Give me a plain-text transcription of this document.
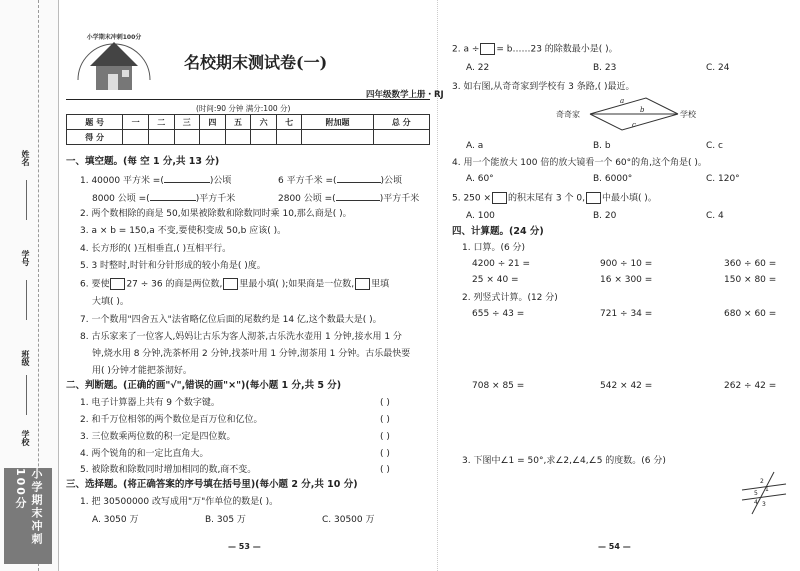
姓名
学号
班级
学校
小学期末冲刺100分
小学期末冲刺100分
名校期末测试卷(一)
四年级数学上册・RJ
(时间:90 分钟 满分:100 分)
题 号	一	二	三	四	五	六	七	附加题	总 分
得 分									
一、填空题。(每 空 1 分,共 13 分)
1. 40000 平方米 =(	)公顷	6 平方千米 =(	)公顷
8000 公顷 =(	)平方千米	2800 公顷 =(	)平方千米
2. 两个数相除的商是 50,如果被除数和除数同时乘 10,那么商是( )。
3. a × b = 150,a 不变,要使积变成 50,b 应该( )。
4. 长方形的( )互相垂直,( )互相平行。
5. 3 时整时,时针和分针形成的较小角是( )度。
6. 要使 27 ÷ 36 的商是两位数, 里最小填( );如果商是一位数, 里填
大填( )。
7. 一个数用"四舍五入"法省略亿位后面的尾数约是 14 亿,这个数最大是( )。
8. 古乐家来了一位客人,妈妈让古乐为客人沏茶,古乐洗水壶用 1 分钟,接水用 1 分
钟,烧水用 8 分钟,洗茶杯用 2 分钟,找茶叶用 1 分钟,沏茶用 1 分钟。古乐最快要
用( )分钟才能把茶沏好。
二、判断题。(正确的画"√",错误的画"×")(每小题 1 分,共 5 分)
1. 电子计算器上共有 9 个数字键。	( )
2. 和千万位相邻的两个数位是百万位和亿位。	( )
3. 三位数乘两位数的积一定是四位数。	( )
4. 两个锐角的和一定比直角大。	( )
5. 被除数和除数同时增加相同的数,商不变。	( )
三、选择题。(将正确答案的序号填在括号里)(每小题 2 分,共 10 分)
1. 把 30500000 改写成用"万"作单位的数是( )。
A. 3050 万	B. 305 万	C. 30500 万
— 53 —
2. a ÷ = b……23 的除数最小是( )。
A. 22	B. 23	C. 24
3. 如右图,从奇奇家到学校有 3 条路,( )最近。
奇奇家	学校
a
b
c
A. a	B. b	C. c
4. 用一个能放大 100 倍的放大镜看一个 60°的角,这个角是( )。
A. 60°	B. 6000°	C. 120°
5. 250 × 的积末尾有 3 个 0, 中最小填( )。
A. 100	B. 20	C. 4
四、计算题。(24 分)
1. 口算。(6 分)
4200 ÷ 21 =	900 ÷ 10 =	360 ÷ 60 =
25 × 40 =	16 × 300 =	150 × 80 =
2. 列竖式计算。(12 分)
655 ÷ 43 =	721 ÷ 34 =	680 × 60 =
708 × 85 =	542 × 42 =	262 ÷ 42 =
3. 下图中∠1 = 50°,求∠2,∠4,∠5 的度数。(6 分)
1
2
3
4
5
— 54 —
